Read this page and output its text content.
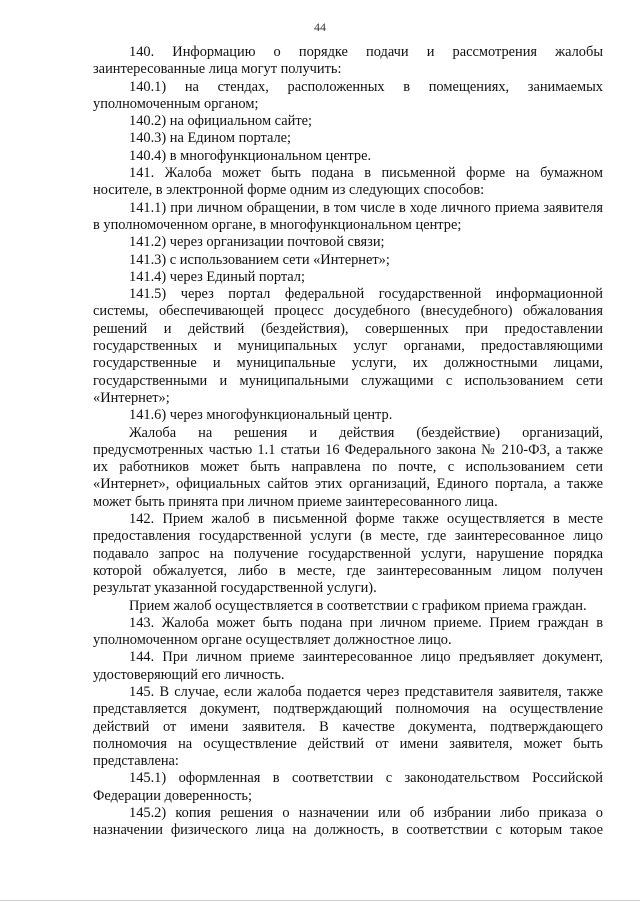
44

140. Информацию о порядке подачи и рассмотрения жалобы заинтересованные лица могут получить:

140.1) на стендах, расположенных в помещениях, занимаемых уполномоченным органом;

140.2) на официальном сайте;

140.3) на Едином портале;

140.4) в многофункциональном центре.

141. Жалоба может быть подана в письменной форме на бумажном носителе, в электронной форме одним из следующих способов:

141.1) при личном обращении, в том числе в ходе личного приема заявителя в уполномоченном органе, в многофункциональном центре;

141.2) через организации почтовой связи;

141.3) с использованием сети «Интернет»;

141.4) через Единый портал;

141.5) через портал федеральной государственной информационной системы, обеспечивающей процесс досудебного (внесудебного) обжалования решений и действий (бездействия), совершенных при предоставлении государственных и муниципальных услуг органами, предоставляющими государственные и муниципальные услуги, их должностными лицами, государственными и муниципальными служащими с использованием сети «Интернет»;

141.6) через многофункциональный центр.

Жалоба на решения и действия (бездействие) организаций, предусмотренных частью 1.1 статьи 16 Федерального закона № 210-ФЗ, а также их работников может быть направлена по почте, с использованием сети «Интернет», официальных сайтов этих организаций, Единого портала, а также может быть принята при личном приеме заинтересованного лица.

142. Прием жалоб в письменной форме также осуществляется в месте предоставления государственной услуги (в месте, где заинтересованное лицо подавало запрос на получение государственной услуги, нарушение порядка которой обжалуется, либо в месте, где заинтересованным лицом получен результат указанной государственной услуги).

Прием жалоб осуществляется в соответствии с графиком приема граждан.

143. Жалоба может быть подана при личном приеме. Прием граждан в уполномоченном органе осуществляет должностное лицо.

144. При личном приеме заинтересованное лицо предъявляет документ, удостоверяющий его личность.

145. В случае, если жалоба подается через представителя заявителя, также представляется документ, подтверждающий полномочия на осуществление действий от имени заявителя. В качестве документа, подтверждающего полномочия на осуществление действий от имени заявителя, может быть представлена:

145.1) оформленная в соответствии с законодательством Российской Федерации доверенность;

145.2) копия решения о назначении или об избрании либо приказа о назначении физического лица на должность, в соответствии с которым такое
